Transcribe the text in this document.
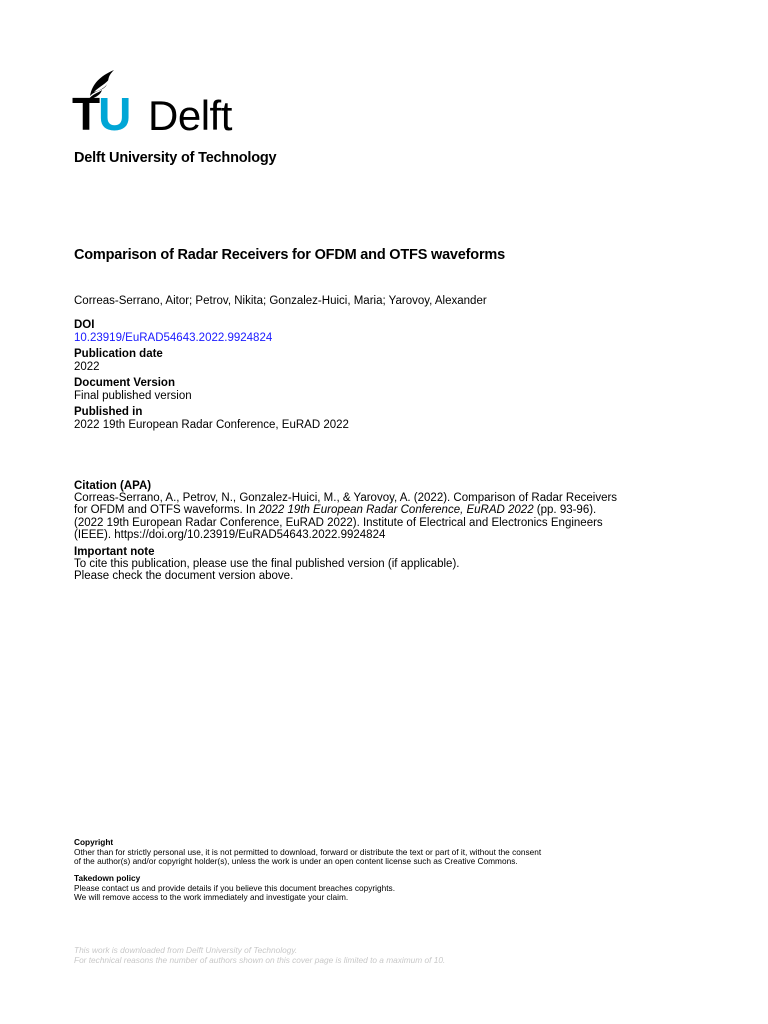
TU Delft
Delft University of Technology
Comparison of Radar Receivers for OFDM and OTFS waveforms
Correas-Serrano, Aitor; Petrov, Nikita; Gonzalez-Huici, Maria; Yarovoy, Alexander
DOI
10.23919/EuRAD54643.2022.9924824
Publication date
2022
Document Version
Final published version
Published in
2022 19th European Radar Conference, EuRAD 2022
Citation (APA)
Correas-Serrano, A., Petrov, N., Gonzalez-Huici, M., & Yarovoy, A. (2022). Comparison of Radar Receivers
for OFDM and OTFS waveforms. In 2022 19th European Radar Conference, EuRAD 2022 (pp. 93-96).
(2022 19th European Radar Conference, EuRAD 2022). Institute of Electrical and Electronics Engineers
(IEEE). https://doi.org/10.23919/EuRAD54643.2022.9924824
Important note
To cite this publication, please use the final published version (if applicable).
Please check the document version above.
Copyright
Other than for strictly personal use, it is not permitted to download, forward or distribute the text or part of it, without the consent
of the author(s) and/or copyright holder(s), unless the work is under an open content license such as Creative Commons.
Takedown policy
Please contact us and provide details if you believe this document breaches copyrights.
We will remove access to the work immediately and investigate your claim.
This work is downloaded from Delft University of Technology.
For technical reasons the number of authors shown on this cover page is limited to a maximum of 10.
